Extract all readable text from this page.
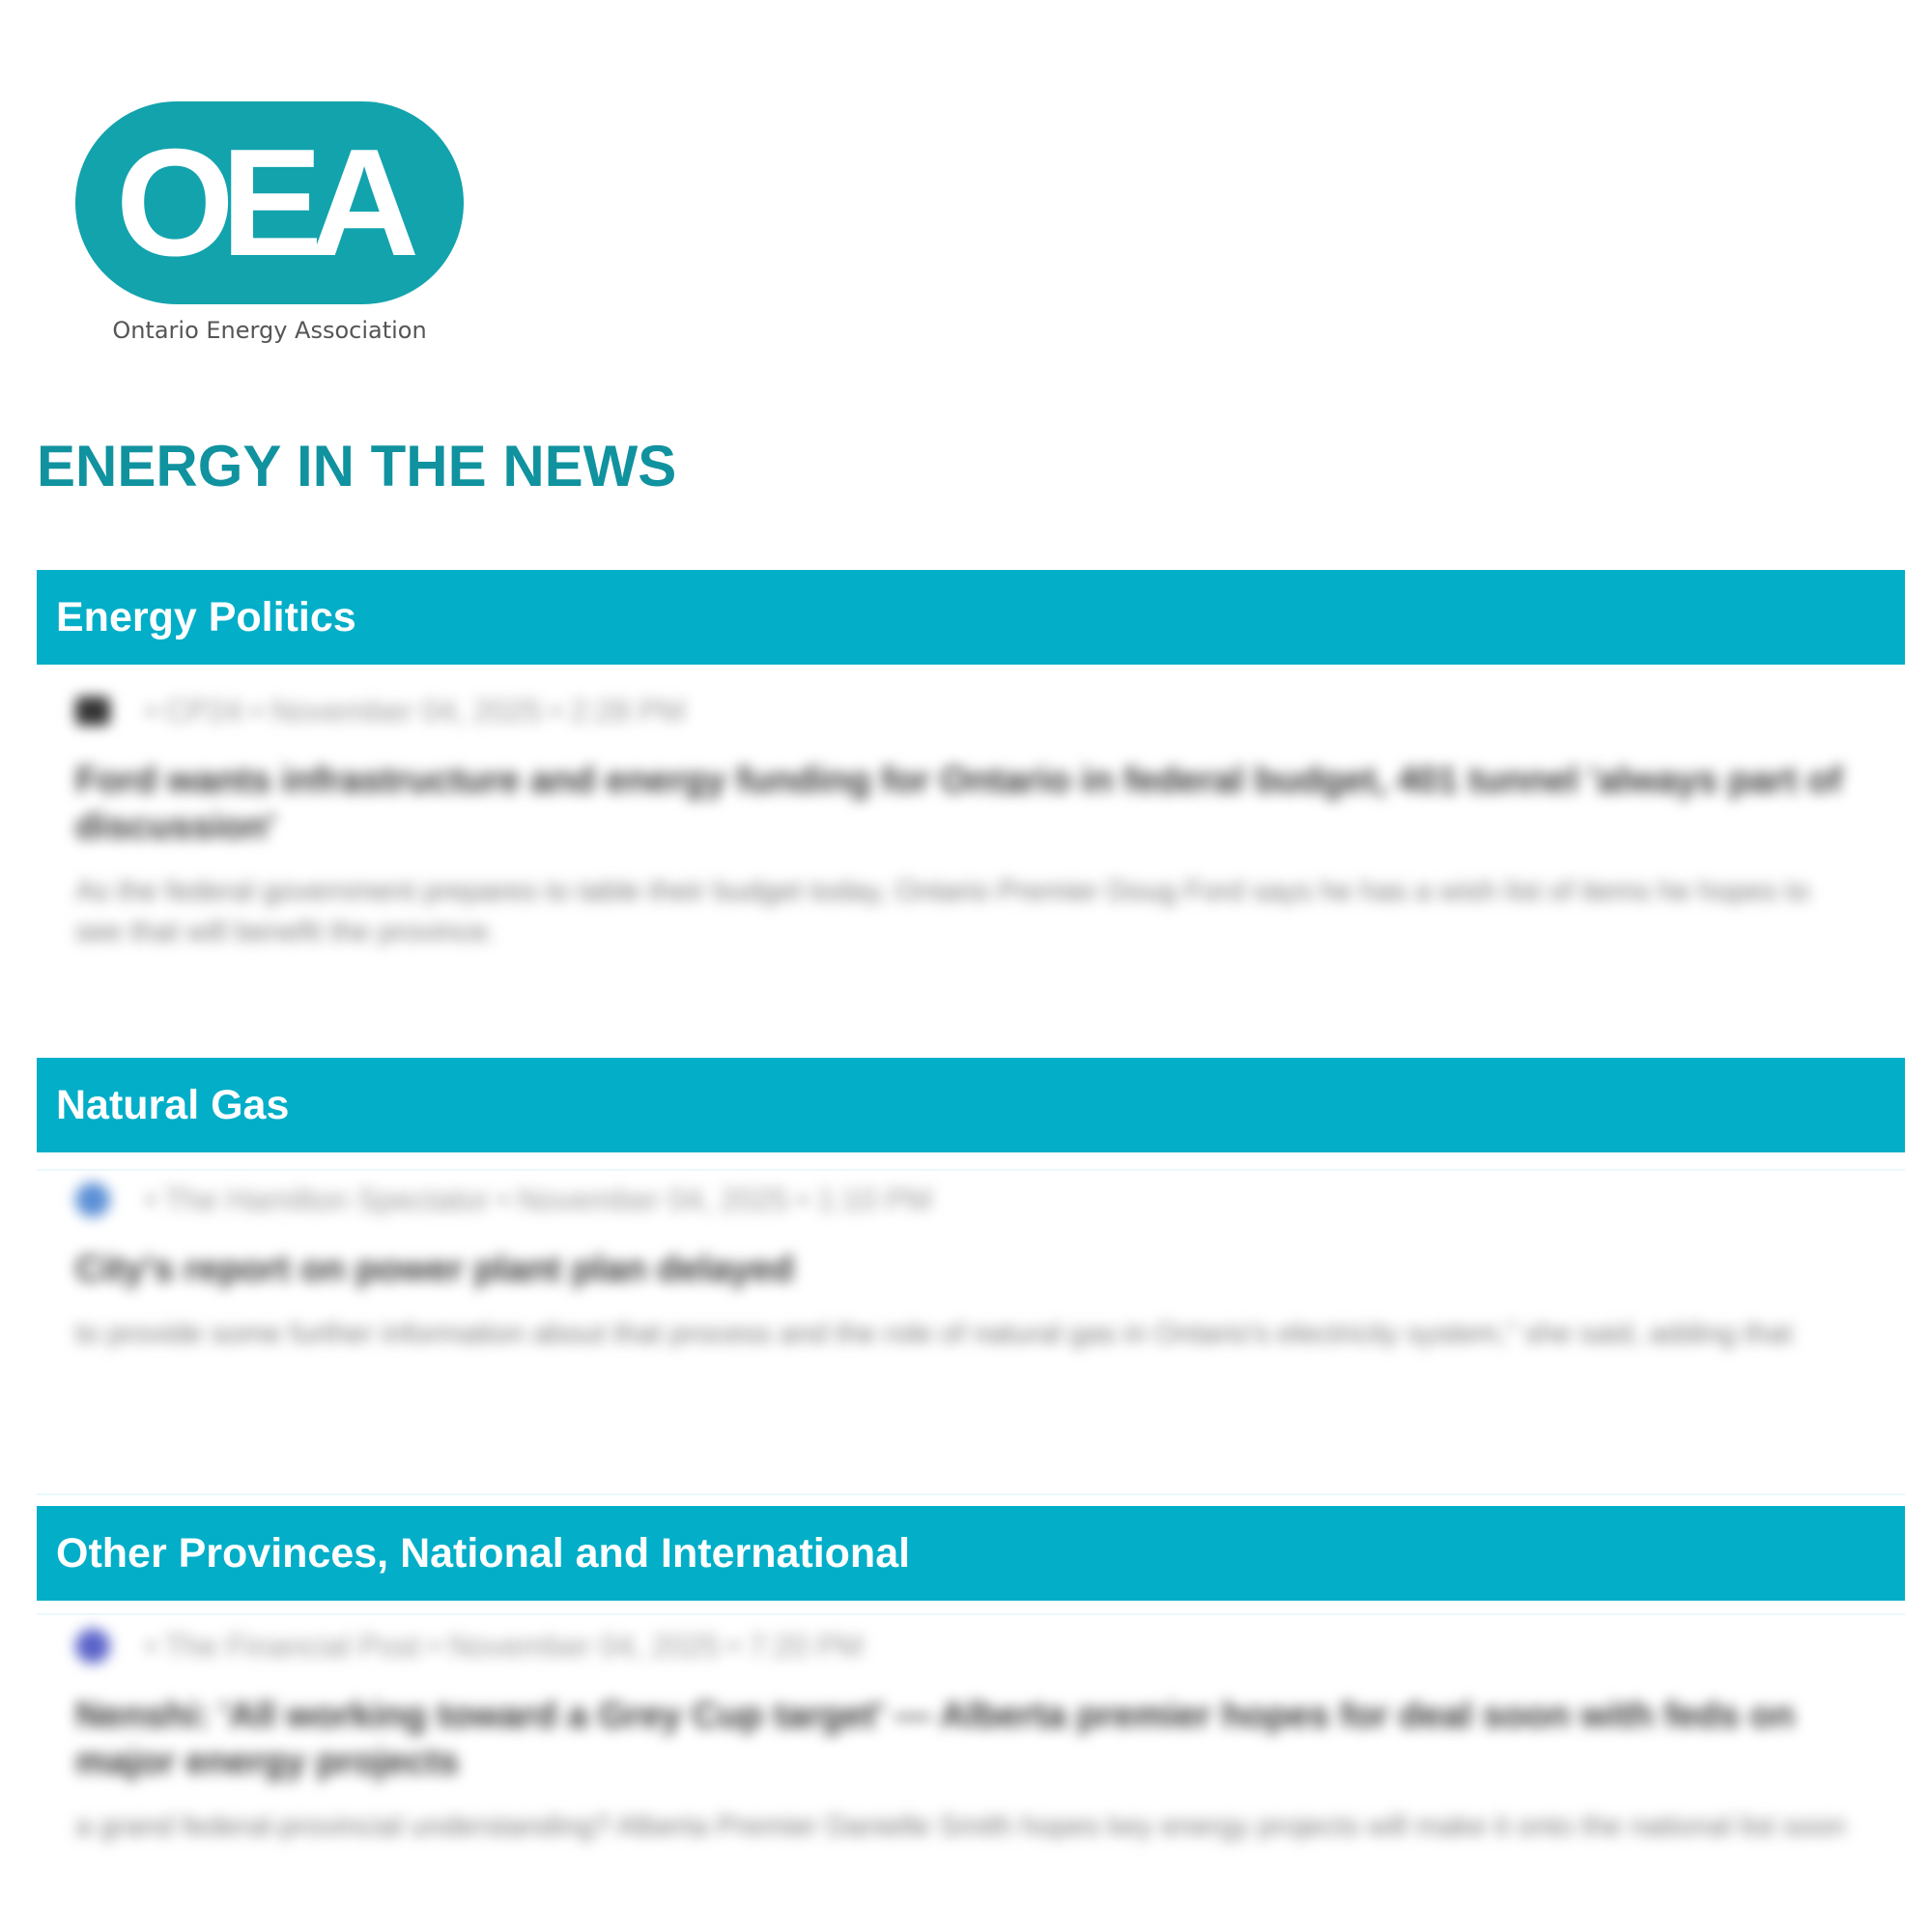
OEA
Ontario Energy Association
ENERGY IN THE NEWS
Energy Politics
• CP24 • November 04, 2025 • 2:28 PM
Ford wants infrastructure and energy funding for Ontario in federal budget, 401 tunnel 'always part of discussion'
As the federal government prepares to table their budget today, Ontario Premier Doug Ford says he has a wish list of items he hopes to see that will benefit the province.
Natural Gas
• The Hamilton Spectator • November 04, 2025 • 1:10 PM
City's report on power plant plan delayed
to provide some further information about that process and the role of natural gas in Ontario's electricity system," she said, adding that
Other Provinces, National and International
• The Financial Post • November 04, 2025 • 7:20 PM
Nenshi: 'All working toward a Grey Cup target' — Alberta premier hopes for deal soon with feds on major energy projects
a grand federal-provincial understanding? Alberta Premier Danielle Smith hopes key energy projects will make it onto the national list soon
